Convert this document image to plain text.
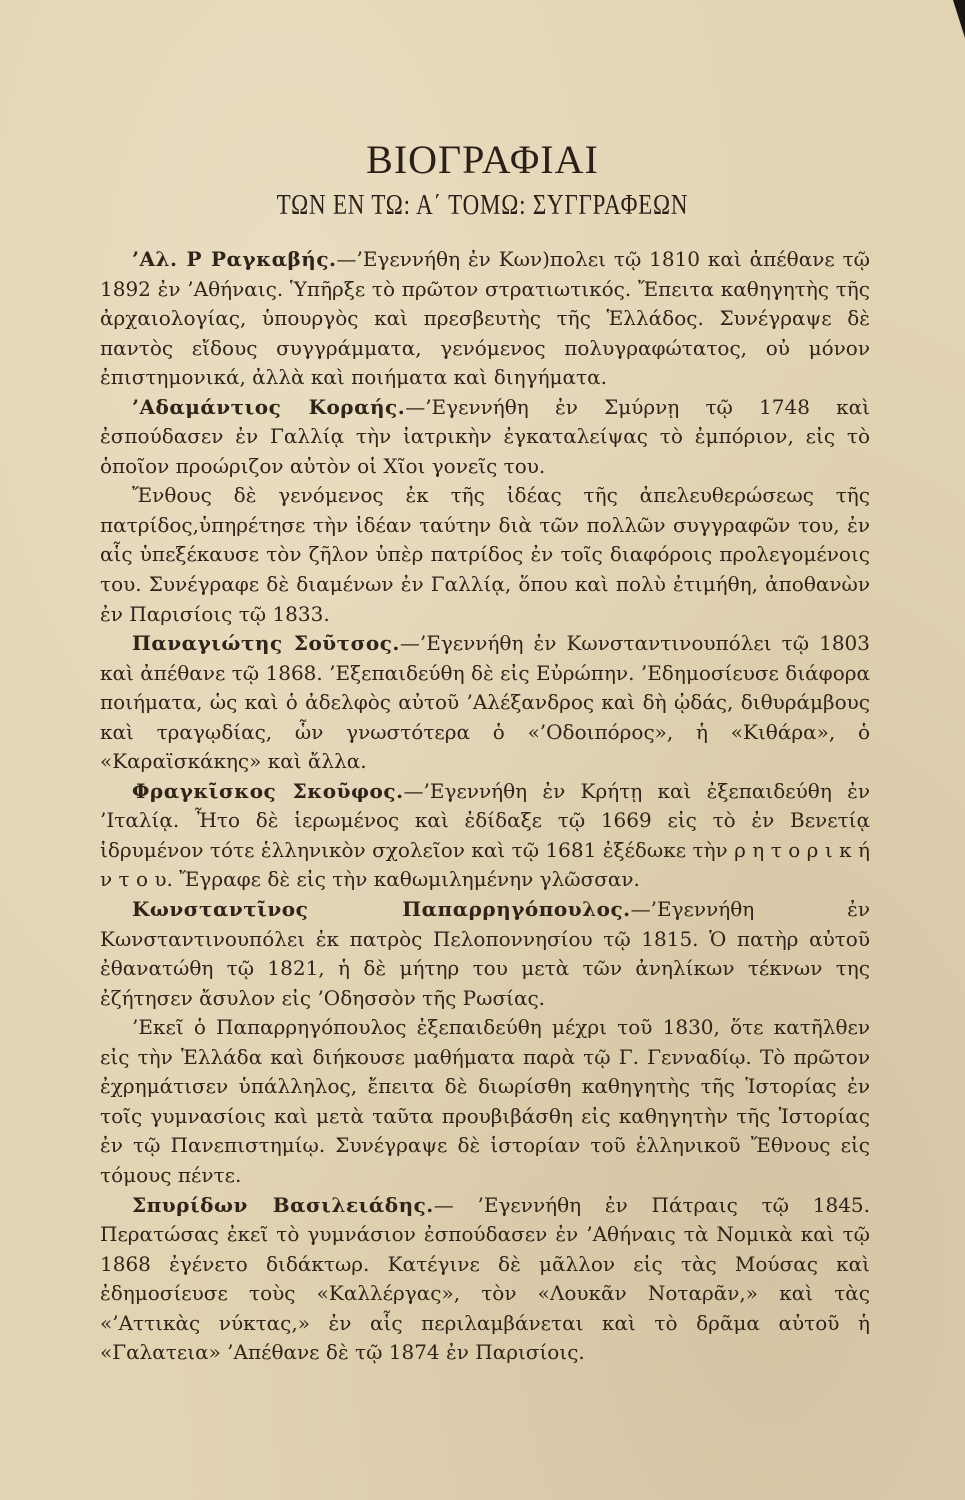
ΒΙΟΓΡΑΦΙΑΙ
ΤΩΝ ΕΝ ΤΩ: Α΄ ΤΟΜΩ: ΣΥΓΓΡΑΦΕΩΝ

’Αλ. Ρ Ραγκαβής.—’Εγεννήθη ἐν Κων)πολει τῷ 1810 καὶ ἀπέθανε τῷ 1892 ἐν ’Αθήναις. Ὑπῆρξε τὸ πρῶτον στρατιωτικός. Ἔπειτα καθηγητὴς τῆς ἀρχαιολογίας, ὑπουργὸς καὶ πρεσβευτὴς τῆς Ἑλλάδος. Συνέγραψε δὲ παντὸς εἴδους συγγράμματα, γενόμενος πολυγραφώτατος, οὐ μόνον ἐπιστημονικά, ἀλλὰ καὶ ποιήματα καὶ διηγήματα.

’Αδαμάντιος Κοραής.—’Εγεννήθη ἐν Σμύρνῃ τῷ 1748 καὶ ἐσπούδασεν ἐν Γαλλίᾳ τὴν ἰατρικὴν ἐγκαταλείψας τὸ ἐμπόριον, εἰς τὸ ὁποῖον προώριζον αὐτὸν οἱ Χῖοι γονεῖς του.

Ἔνθους δὲ γενόμενος ἐκ τῆς ἰδέας τῆς ἀπελευθερώσεως τῆς πατρίδος,ὑπηρέτησε τὴν ἰδέαν ταύτην διὰ τῶν πολλῶν συγγραφῶν του, ἐν αἷς ὑπεξέκαυσε τὸν ζῆλον ὑπὲρ πατρίδος ἐν τοῖς διαφόροις προλεγομένοις του. Συνέγραφε δὲ διαμένων ἐν Γαλλίᾳ, ὅπου καὶ πολὺ ἐτιμήθη, ἀποθανὼν ἐν Παρισίοις τῷ 1833.

Παναγιώτης Σοῦτσος.—’Εγεννήθη ἐν Κωνσταντινουπόλει τῷ 1803 καὶ ἀπέθανε τῷ 1868. ’Εξεπαιδεύθη δὲ εἰς Εὐρώπην. ’Εδημοσίευσε διάφορα ποιήματα, ὡς καὶ ὁ ἀδελφὸς αὐτοῦ ’Αλέξανδρος καὶ δὴ ᾠδάς, διθυράμβους καὶ τραγῳδίας, ὧν γνωστότερα ὁ «’Οδοιπόρος», ἡ «Κιθάρα», ὁ «Καραϊσκάκης» καὶ ἄλλα.

Φραγκῖσκος Σκοῦφος.—’Εγεννήθη ἐν Κρήτῃ καὶ ἐξεπαιδεύθη ἐν ’Ιταλίᾳ. Ἦτο δὲ ἱερωμένος καὶ ἐδίδαξε τῷ 1669 εἰς τὸ ἐν Βενετίᾳ ἱδρυμένον τότε ἑλληνικὸν σχολεῖον καὶ τῷ 1681 ἐξέδωκε τὴν ρ η τ ο ρ ι κ ή ν τ ο υ. Ἔγραφε δὲ εἰς τὴν καθωμιλημένην γλῶσσαν.

Κωνσταντῖνος Παπαρρηγόπουλος.—’Εγεννήθη ἐν Κωνσταντινουπόλει ἐκ πατρὸς Πελοποννησίου τῷ 1815. Ὁ πατὴρ αὐτοῦ ἐθανατώθη τῷ 1821, ἡ δὲ μήτηρ του μετὰ τῶν ἀνηλίκων τέκνων της ἐζήτησεν ἄσυλον εἰς ’Οδησσὸν τῆς Ρωσίας.

’Εκεῖ ὁ Παπαρρηγόπουλος ἐξεπαιδεύθη μέχρι τοῦ 1830, ὅτε κατῆλθεν εἰς τὴν Ἑλλάδα καὶ διήκουσε μαθήματα παρὰ τῷ Γ. Γενναδίῳ. Τὸ πρῶτον ἐχρημάτισεν ὑπάλληλος, ἔπειτα δὲ διωρίσθη καθηγητὴς τῆς Ἱστορίας ἐν τοῖς γυμνασίοις καὶ μετὰ ταῦτα προυβιβάσθη εἰς καθηγητὴν τῆς Ἱστορίας ἐν τῷ Πανεπιστημίῳ. Συνέγραψε δὲ ἱστορίαν τοῦ ἑλληνικοῦ Ἔθνους εἰς τόμους πέντε.

Σπυρίδων Βασιλειάδης.— ’Εγεννήθη ἐν Πάτραις τῷ 1845. Περατώσας ἐκεῖ τὸ γυμνάσιον ἐσπούδασεν ἐν ’Αθήναις τὰ Νομικὰ καὶ τῷ 1868 ἐγένετο διδάκτωρ. Κατέγινε δὲ μᾶλλον εἰς τὰς Μούσας καὶ ἐδημοσίευσε τοὺς «Καλλέργας», τὸν «Λουκᾶν Νοταρᾶν,» καὶ τὰς «’Αττικὰς νύκτας,» ἐν αἷς περιλαμβάνεται καὶ τὸ δρᾶμα αὐτοῦ ἡ «Γαλατεια» ’Απέθανε δὲ τῷ 1874 ἐν Παρισίοις.
